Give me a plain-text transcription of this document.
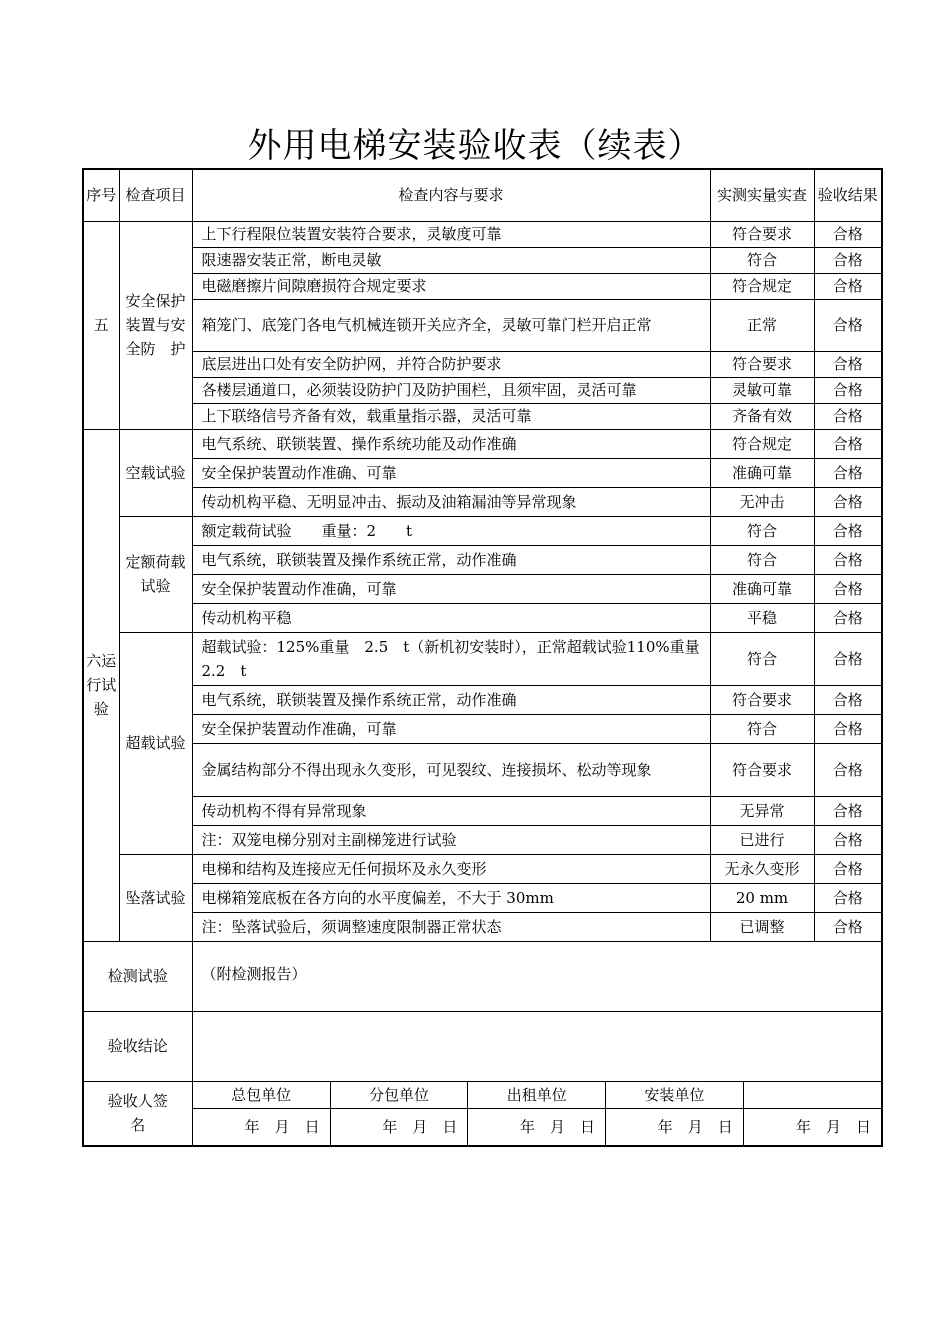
外用电梯安装验收表（续表）
序号	检查项目	检查内容与要求	实测实量实查	验收结果
五	安全保护装置与安全防　护	上下行程限位装置安装符合要求，灵敏度可靠	符合要求	合格
限速器安装正常，断电灵敏	符合	合格
电磁磨擦片间隙磨损符合规定要求	符合规定	合格
箱笼门、底笼门各电气机械连锁开关应齐全，灵敏可靠门栏开启正常	正常	合格
底层进出口处有安全防护网，并符合防护要求	符合要求	合格
各楼层通道口，必须装设防护门及防护围栏，且须牢固，灵活可靠	灵敏可靠	合格
上下联络信号齐备有效，载重量指示器，灵活可靠	齐备有效	合格
六运行试验	空载试验	电气系统、联锁装置、操作系统功能及动作准确	符合规定	合格
安全保护装置动作准确、可靠	准确可靠	合格
传动机构平稳、无明显冲击、振动及油箱漏油等异常现象	无冲击	合格
定额荷载试验	额定载荷试验　　重量：2　　t	符合	合格
电气系统，联锁装置及操作系统正常，动作准确	符合	合格
安全保护装置动作准确，可靠	准确可靠	合格
传动机构平稳	平稳	合格
超载试验	超载试验：125%重量　2.5　t（新机初安装时），正常超载试验110%重量 2.2　t	符合	合格
电气系统，联锁装置及操作系统正常，动作准确	符合要求	合格
安全保护装置动作准确，可靠	符合	合格
金属结构部分不得出现永久变形，可见裂纹、连接损坏、松动等现象	符合要求	合格
传动机构不得有异常现象	无异常	合格
注：双笼电梯分别对主副梯笼进行试验	已进行	合格
坠落试验	电梯和结构及连接应无任何损坏及永久变形	无永久变形	合格
电梯箱笼底板在各方向的水平度偏差，不大于 30mm	20 mm	合格
注：坠落试验后，须调整速度限制器正常状态	已调整	合格
检测试验	（附检测报告）
验收结论	
验收人签名	
总包单位	分包单位	出租单位	安装单位	
年　月　日	年　月　日	年　月　日	年　月　日	年　月　日
